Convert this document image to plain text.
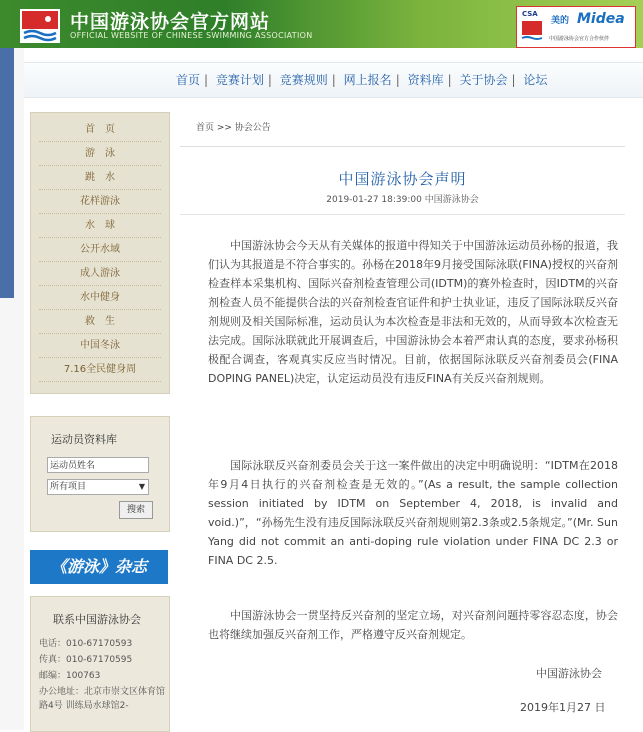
中国游泳协会官方网站
OFFICIAL WEBSITE OF CHINESE SWIMMING ASSOCIATION
CSA
美的 Midea
中国游泳协会官方合作伙伴
首页 | 竞赛计划 | 竞赛规则 | 网上报名 | 资料库 | 关于协会 | 论坛
首　页
游　泳
跳　水
花样游泳
水　球
公开水域
成人游泳
水中健身
救　生
中国冬泳
7.16全民健身周
运动员资料库
运动员姓名
所有项目	▼
搜索
《游泳》杂志
联系中国游泳协会
电话：010-67170593
传真：010-67170595
邮编：100763
办公地址：北京市崇文区体育馆路4号 训练局水球馆2-
首页 >> 协会公告
中国游泳协会声明
2019-01-27 18:39:00 中国游泳协会
中国游泳协会今天从有关媒体的报道中得知关于中国游泳运动员孙杨的报道，我们认为其报道是不符合事实的。孙杨在2018年9月接受国际泳联(FINA)授权的兴奋剂检查样本采集机构、国际兴奋剂检查管理公司(IDTM)的赛外检查时，因IDTM的兴奋剂检查人员不能提供合法的兴奋剂检查官证件和护士执业证，违反了国际泳联反兴奋剂规则及相关国际标准，运动员认为本次检查是非法和无效的，从而导致本次检查无法完成。国际泳联就此开展调查后，中国游泳协会本着严肃认真的态度，要求孙杨积极配合调查，客观真实反应当时情况。目前，依据国际泳联反兴奋剂委员会(FINA DOPING PANEL)决定，认定运动员没有违反FINA有关反兴奋剂规则。
国际泳联反兴奋剂委员会关于这一案件做出的决定中明确说明：“IDTM在2018年9月4日执行的兴奋剂检查是无效的。”(As a result, the sample collection session initiated by IDTM on September 4, 2018, is invalid and void.)”，“孙杨先生没有违反国际泳联反兴奋剂规则第2.3条或2.5条规定。”(Mr. Sun Yang did not commit an anti-doping rule violation under FINA DC 2.3 or FINA DC 2.5.
中国游泳协会一贯坚持反兴奋剂的坚定立场，对兴奋剂问题持零容忍态度，协会也将继续加强反兴奋剂工作，严格遵守反兴奋剂规定。
中国游泳协会
2019年1月27 日
